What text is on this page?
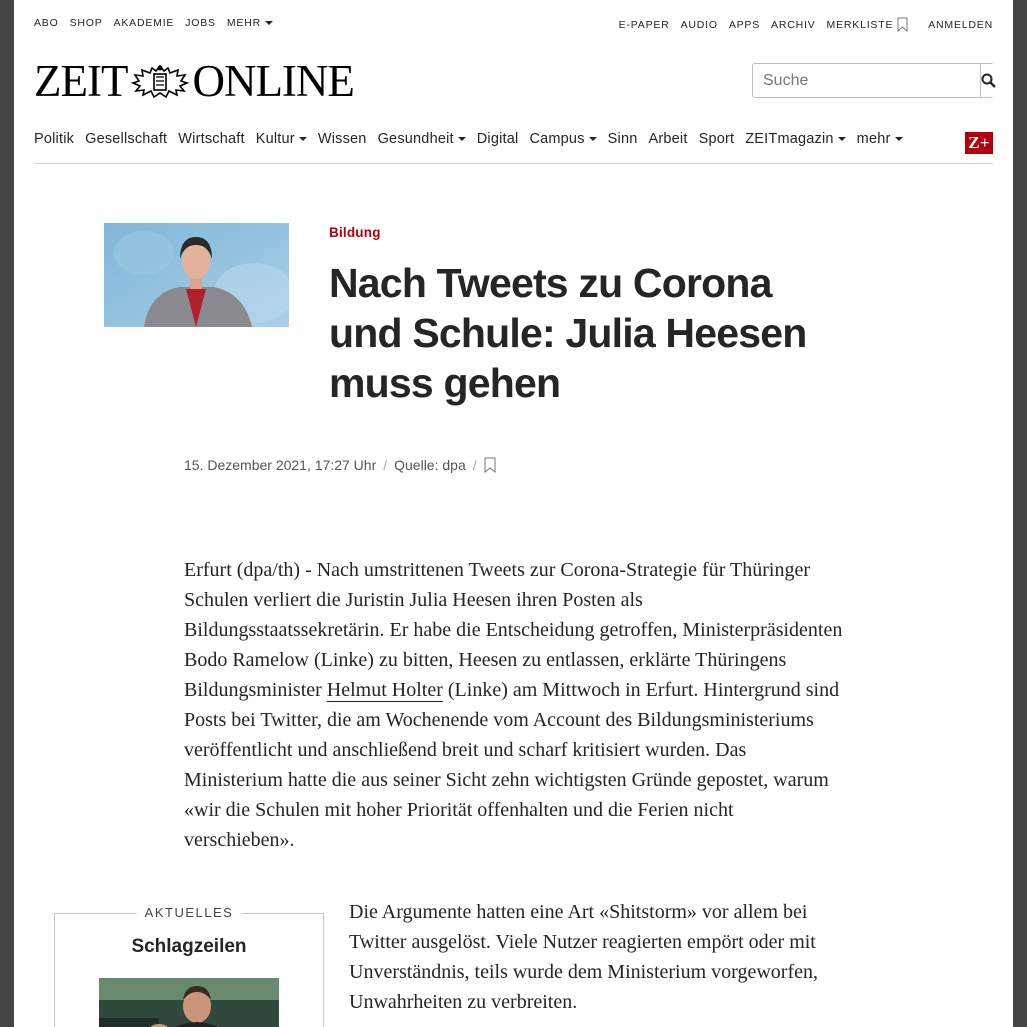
ABO SHOP AKADEMIE JOBS MEHR	E-PAPER AUDIO APPS ARCHIV MERKLISTE	ANMELDEN
ZEIT ONLINE
Suche
Politik Gesellschaft Wirtschaft Kultur Wissen Gesundheit Digital Campus Sinn Arbeit Sport ZEITmagazin mehr	Z+
Bildung
Nach Tweets zu Corona und Schule: Julia Heesen muss gehen
15. Dezember 2021, 17:27 Uhr / Quelle: dpa /

Erfurt (dpa/th) - Nach umstrittenen Tweets zur Corona-Strategie für Thüringer Schulen verliert die Juristin Julia Heesen ihren Posten als Bildungsstaatssekretärin. Er habe die Entscheidung getroffen, Ministerpräsidenten Bodo Ramelow (Linke) zu bitten, Heesen zu entlassen, erklärte Thüringens Bildungsminister Helmut Holter (Linke) am Mittwoch in Erfurt. Hintergrund sind Posts bei Twitter, die am Wochenende vom Account des Bildungsministeriums veröffentlicht und anschließend breit und scharf kritisiert wurden. Das Ministerium hatte die aus seiner Sicht zehn wichtigsten Gründe gepostet, warum «wir die Schulen mit hoher Priorität offenhalten und die Ferien nicht verschieben».

AKTUELLES
Schlagzeilen

Die Argumente hatten eine Art «Shitstorm» vor allem bei Twitter ausgelöst. Viele Nutzer reagierten empört oder mit Unverständnis, teils wurde dem Ministerium vorgeworfen, Unwahrheiten zu verbreiten.
